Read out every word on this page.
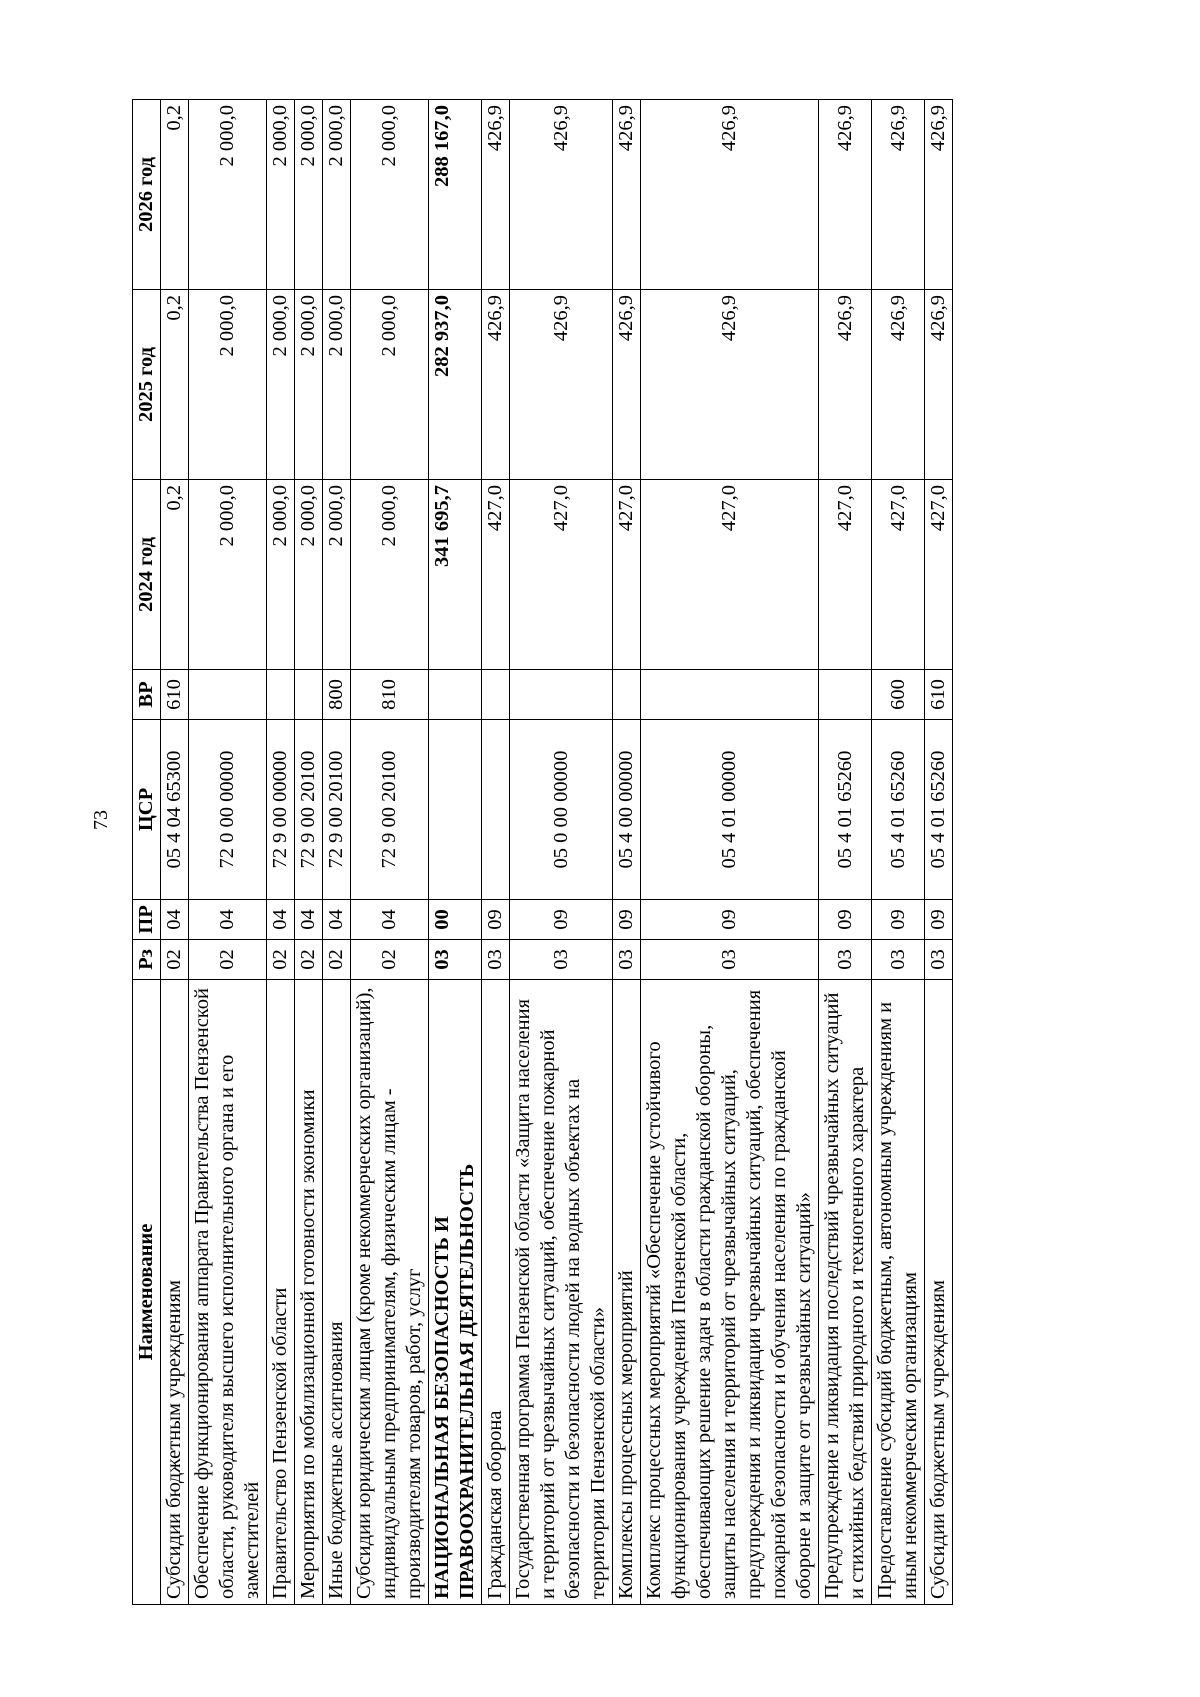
73
Наименование	Рз	ПР	ЦСР	ВР	2024 год	2025 год	2026 год
Субсидии бюджетным учреждениям	02	04	05 4 04 65300	610	0,2	0,2	0,2
Обеспечение функционирования аппарата Правительства Пензенской области, руководителя высшего исполнительного органа и его заместителей	02	04	72 0 00 00000		2 000,0	2 000,0	2 000,0
Правительство Пензенской области	02	04	72 9 00 00000		2 000,0	2 000,0	2 000,0
Мероприятия по мобилизационной готовности экономики	02	04	72 9 00 20100		2 000,0	2 000,0	2 000,0
Иные бюджетные ассигнования	02	04	72 9 00 20100	800	2 000,0	2 000,0	2 000,0
Субсидии юридическим лицам (кроме некоммерческих организаций), индивидуальным предпринимателям, физическим лицам - производителям товаров, работ, услуг	02	04	72 9 00 20100	810	2 000,0	2 000,0	2 000,0
НАЦИОНАЛЬНАЯ БЕЗОПАСНОСТЬ И ПРАВООХРАНИТЕЛЬНАЯ ДЕЯТЕЛЬНОСТЬ	03	00			341 695,7	282 937,0	288 167,0
Гражданская оборона	03	09			427,0	426,9	426,9
Государственная программа Пензенской области «Защита населения и территорий от чрезвычайных ситуаций, обеспечение пожарной безопасности и безопасности людей на водных объектах на территории Пензенской области»	03	09	05 0 00 00000		427,0	426,9	426,9
Комплексы процессных мероприятий	03	09	05 4 00 00000		427,0	426,9	426,9
Комплекс процессных мероприятий «Обеспечение устойчивого функционирования учреждений Пензенской области, обеспечивающих решение задач в области гражданской обороны, защиты населения и территорий от чрезвычайных ситуаций, предупреждения и ликвидации чрезвычайных ситуаций, обеспечения пожарной безопасности и обучения населения по гражданской обороне и защите от чрезвычайных ситуаций»	03	09	05 4 01 00000		427,0	426,9	426,9
Предупреждение и ликвидация последствий чрезвычайных ситуаций и стихийных бедствий природного и техногенного характера	03	09	05 4 01 65260		427,0	426,9	426,9
Предоставление субсидий бюджетным, автономным учреждениям и иным некоммерческим организациям	03	09	05 4 01 65260	600	427,0	426,9	426,9
Субсидии бюджетным учреждениям	03	09	05 4 01 65260	610	427,0	426,9	426,9
